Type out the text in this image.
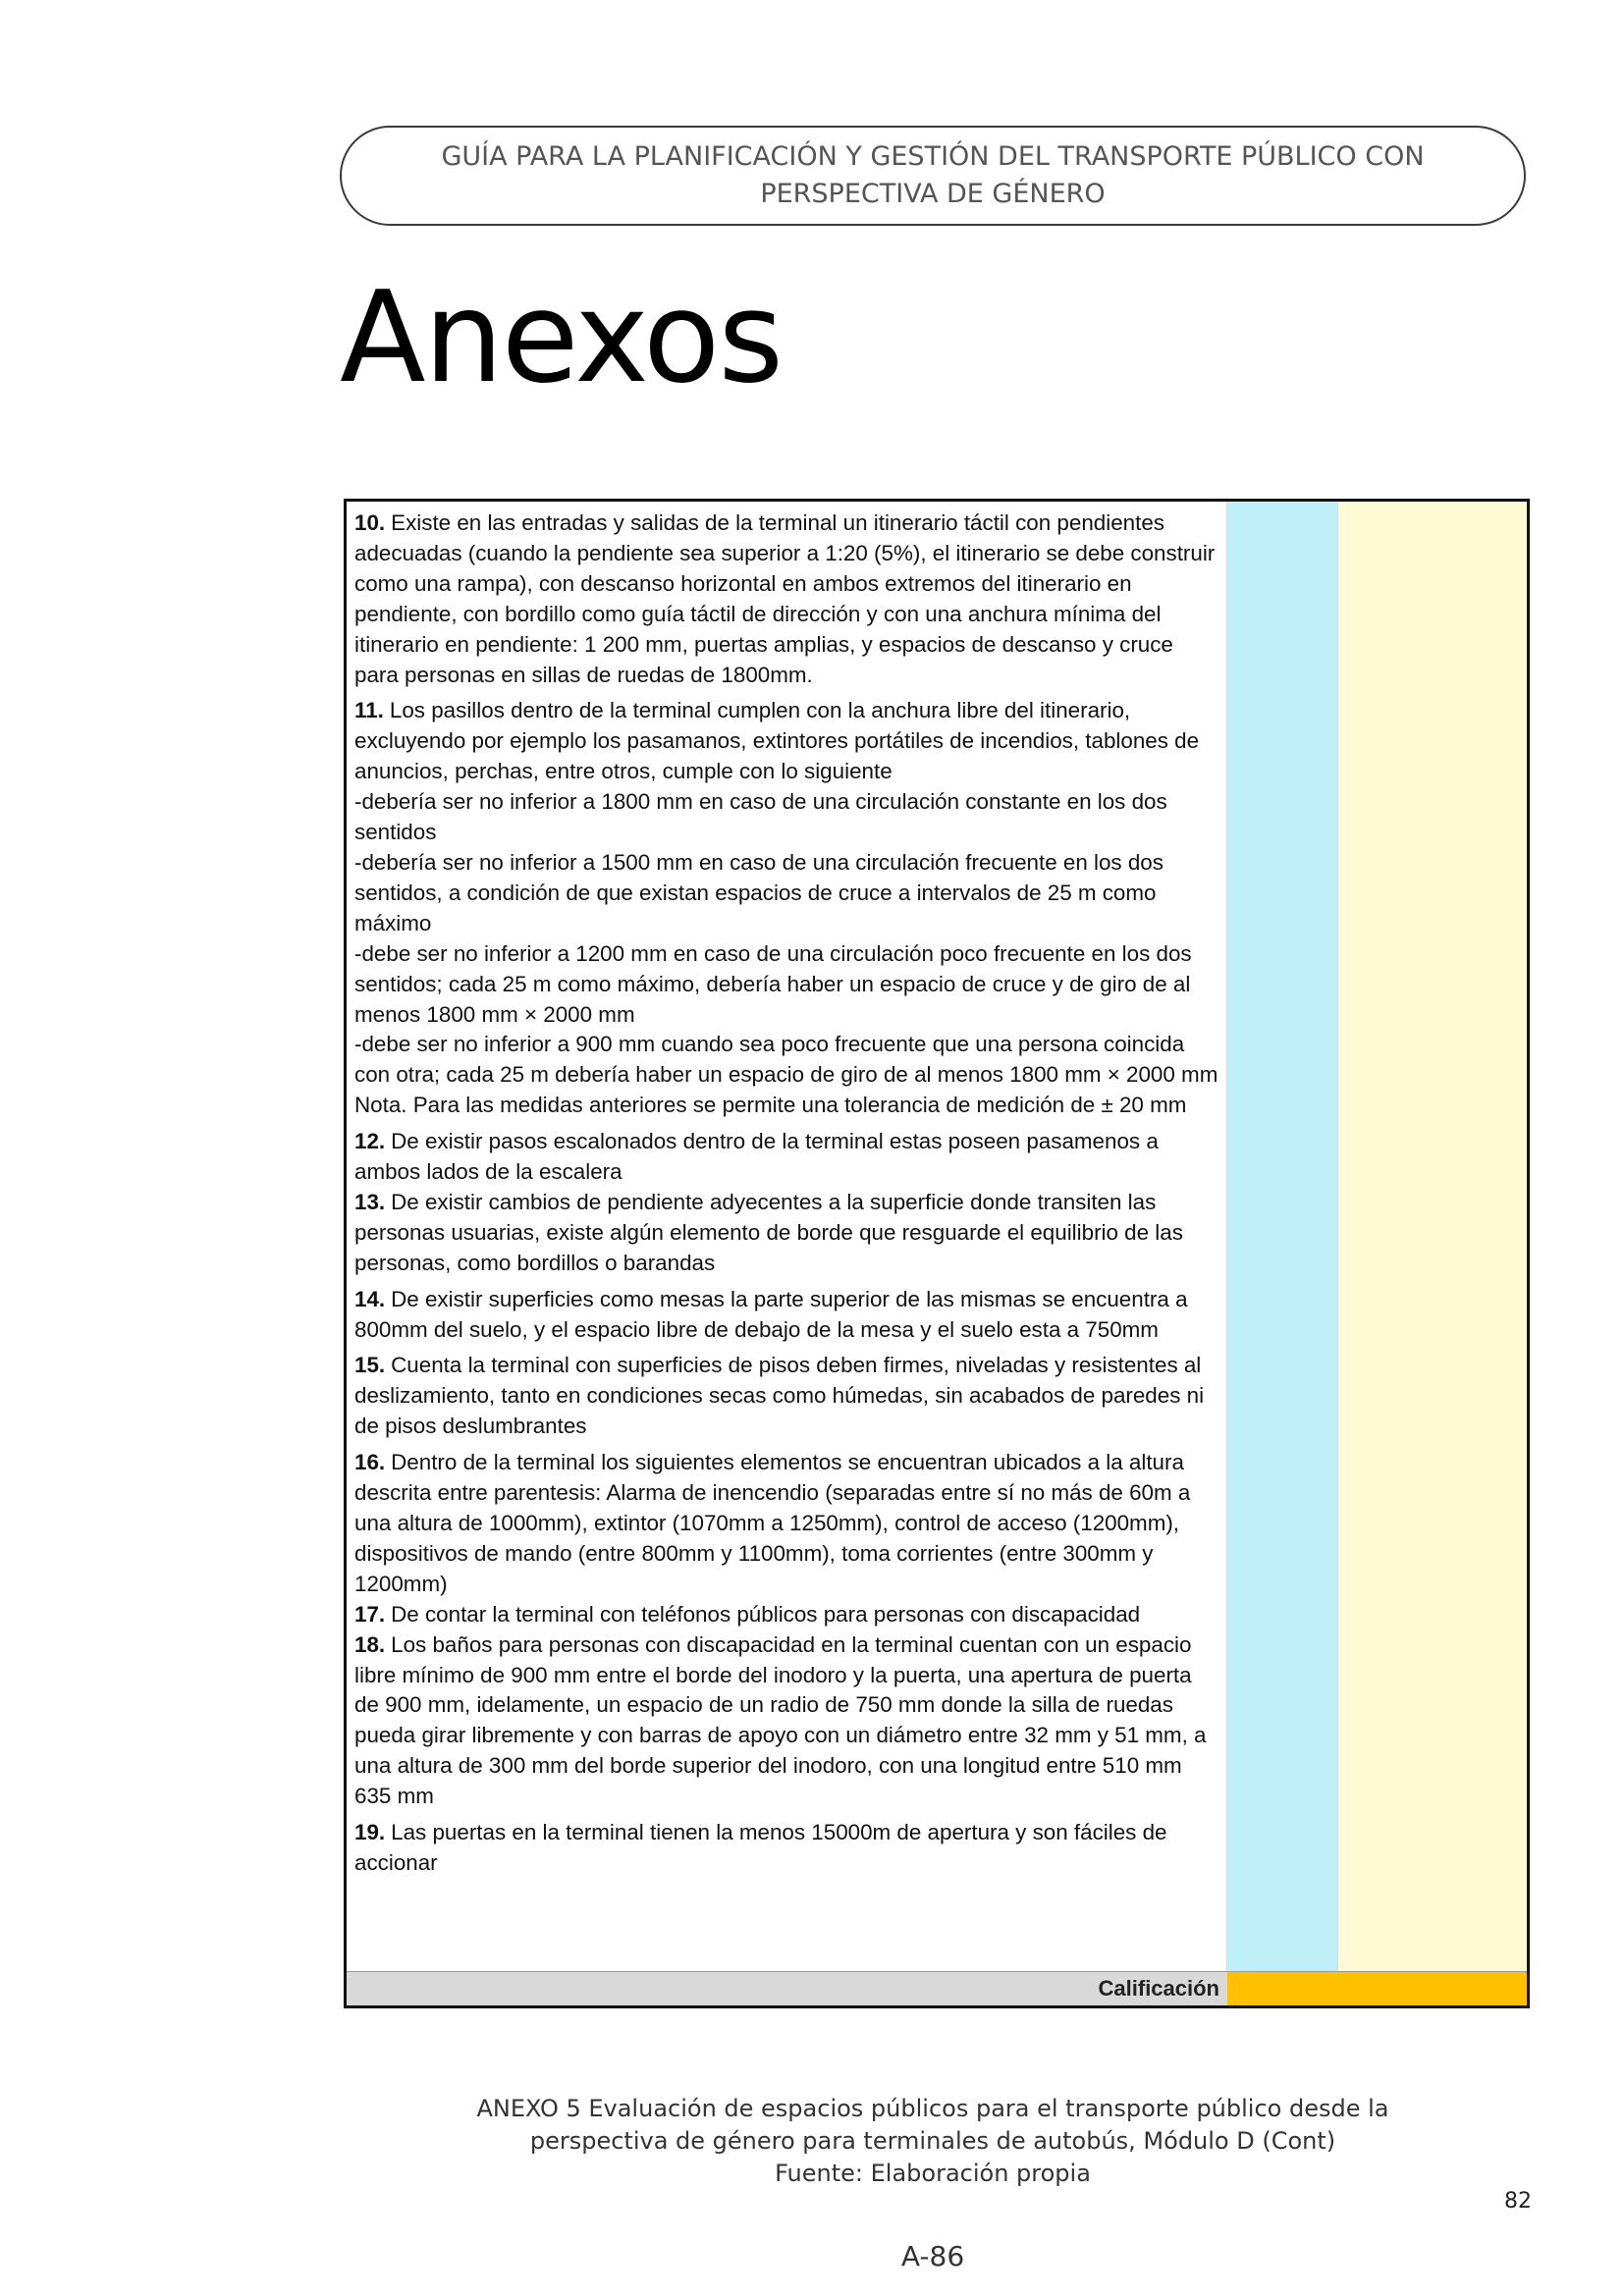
GUÍA PARA LA PLANIFICACIÓN Y GESTIÓN DEL TRANSPORTE PÚBLICO CON
PERSPECTIVA DE GÉNERO
Anexos

10. Existe en las entradas y salidas de la terminal un itinerario táctil con pendientes adecuadas (cuando la pendiente sea superior a 1:20 (5%), el itinerario se debe construir como una rampa), con descanso horizontal en ambos extremos del itinerario en pendiente, con bordillo como guía táctil de dirección y con una anchura mínima del itinerario en pendiente: 1 200 mm, puertas amplias, y espacios de descanso y cruce para personas en sillas de ruedas de 1800mm.

11. Los pasillos dentro de la terminal cumplen con la anchura libre del itinerario, excluyendo por ejemplo los pasamanos, extintores portátiles de incendios, tablones de anuncios, perchas, entre otros, cumple con lo siguiente
-debería ser no inferior a 1800 mm en caso de una circulación constante en los dos sentidos
-debería ser no inferior a 1500 mm en caso de una circulación frecuente en los dos sentidos, a condición de que existan espacios de cruce a intervalos de 25 m como máximo
-debe ser no inferior a 1200 mm en caso de una circulación poco frecuente en los dos sentidos; cada 25 m como máximo, debería haber un espacio de cruce y de giro de al menos 1800 mm × 2000 mm
-debe ser no inferior a 900 mm cuando sea poco frecuente que una persona coincida con otra; cada 25 m debería haber un espacio de giro de al menos 1800 mm × 2000 mm
Nota. Para las medidas anteriores se permite una tolerancia de medición de ± 20 mm

12. De existir pasos escalonados dentro de la terminal estas poseen pasamenos a ambos lados de la escalera

13. De existir cambios de pendiente adyecentes a la superficie donde transiten las personas usuarias, existe algún elemento de borde que resguarde el equilibrio de las personas, como bordillos o barandas

14. De existir superficies como mesas la parte superior de las mismas se encuentra a 800mm del suelo, y el espacio libre de debajo de la mesa y el suelo esta a 750mm

15. Cuenta la terminal con superficies de pisos deben firmes, niveladas y resistentes al deslizamiento, tanto en condiciones secas como húmedas, sin acabados de paredes ni de pisos deslumbrantes

16. Dentro de la terminal los siguientes elementos se encuentran ubicados a la altura descrita entre parentesis: Alarma de inencendio (separadas entre sí no más de 60m a una altura de 1000mm), extintor (1070mm a 1250mm), control de acceso (1200mm), dispositivos de mando (entre 800mm y 1100mm), toma corrientes (entre 300mm y 1200mm)

17. De contar la terminal con teléfonos públicos para personas con discapacidad

18. Los baños para personas con discapacidad en la terminal cuentan con un espacio libre mínimo de 900 mm entre el borde del inodoro y la puerta, una apertura de puerta de 900 mm, idelamente, un espacio de un radio de 750 mm donde la silla de ruedas pueda girar libremente y con barras de apoyo con un diámetro entre 32 mm y 51 mm, a una altura de 300 mm del borde superior del inodoro, con una longitud entre 510 mm 635 mm

19. Las puertas en la terminal tienen la menos 15000m de apertura y son fáciles de accionar

Calificación
ANEXO 5 Evaluación de espacios públicos para el transporte público desde la
perspectiva de género para terminales de autobús, Módulo D (Cont)
Fuente: Elaboración propia
82
A-86
